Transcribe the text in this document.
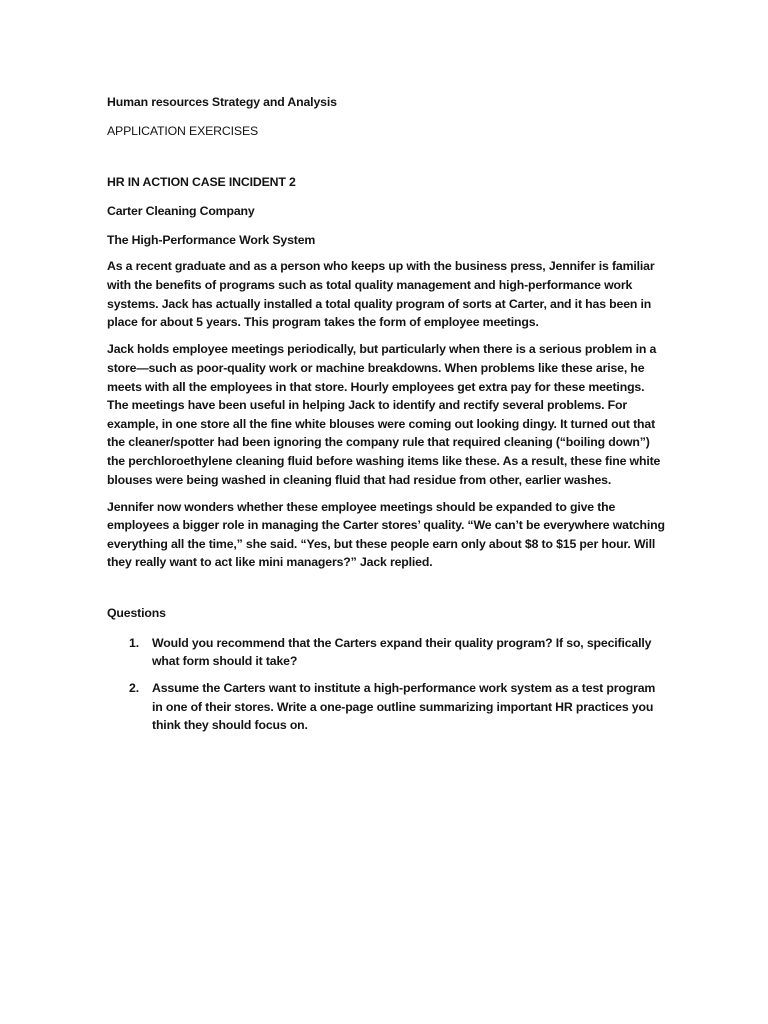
Human resources Strategy and Analysis

APPLICATION EXERCISES

HR IN ACTION CASE INCIDENT 2

Carter Cleaning Company

The High-Performance Work System

As a recent graduate and as a person who keeps up with the business press, Jennifer is familiar with the benefits of programs such as total quality management and high-performance work systems. Jack has actually installed a total quality program of sorts at Carter, and it has been in place for about 5 years. This program takes the form of employee meetings.

Jack holds employee meetings periodically, but particularly when there is a serious problem in a store—such as poor-quality work or machine breakdowns. When problems like these arise, he meets with all the employees in that store. Hourly employees get extra pay for these meetings. The meetings have been useful in helping Jack to identify and rectify several problems. For example, in one store all the fine white blouses were coming out looking dingy. It turned out that the cleaner/spotter had been ignoring the company rule that required cleaning (“boiling down”) the perchloroethylene cleaning fluid before washing items like these. As a result, these fine white blouses were being washed in cleaning fluid that had residue from other, earlier washes.

Jennifer now wonders whether these employee meetings should be expanded to give the employees a bigger role in managing the Carter stores’ quality. “We can’t be everywhere watching everything all the time,” she said. “Yes, but these people earn only about $8 to $15 per hour. Will they really want to act like mini managers?” Jack replied.

Questions

1. Would you recommend that the Carters expand their quality program? If so, specifically what form should it take?
2. Assume the Carters want to institute a high-performance work system as a test program in one of their stores. Write a one-page outline summarizing important HR practices you think they should focus on.
